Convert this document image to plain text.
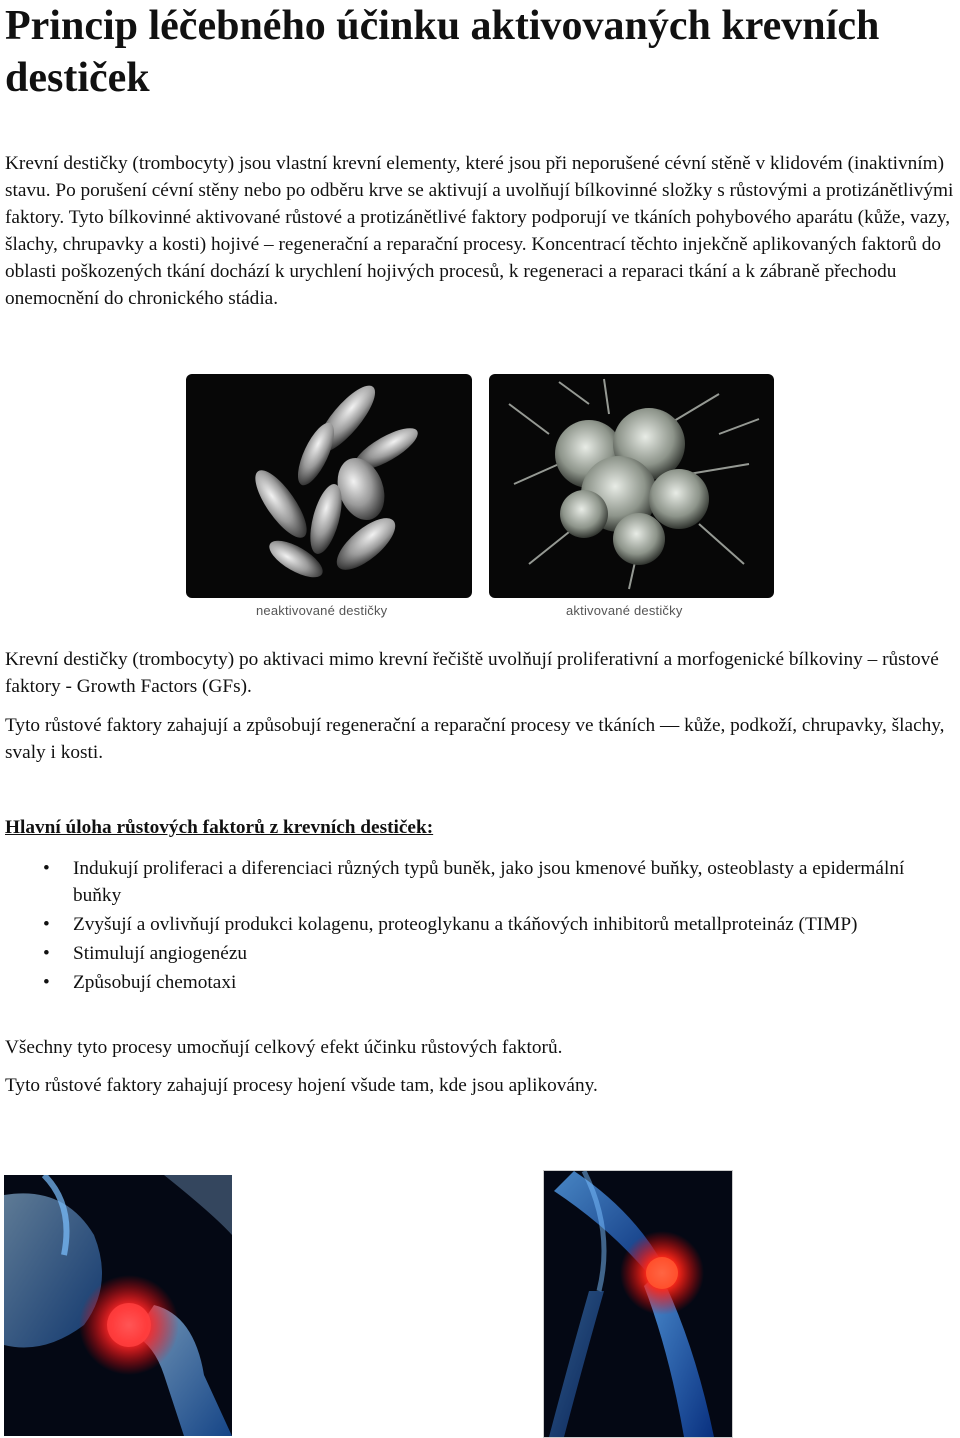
Princip léčebného účinku aktivovaných krevních destiček

Krevní destičky (trombocyty) jsou vlastní krevní elementy, které jsou při neporušené cévní stěně v klidovém (inaktivním) stavu. Po porušení cévní stěny nebo po odběru krve se aktivují a uvolňují bílkovinné složky s růstovými a protizánětlivými faktory. Tyto bílkovinné aktivované růstové a protizánětlivé faktory podporují ve tkáních pohybového aparátu (kůže, vazy, šlachy, chrupavky a kosti) hojivé – regenerační a reparační procesy. Koncentrací těchto injekčně aplikovaných faktorů do oblasti poškozených tkání dochází k urychlení hojivých procesů, k regeneraci a reparaci tkání a k zábraně přechodu onemocnění do chronického stádia.

neaktivované destičky	aktivované destičky

Krevní destičky (trombocyty) po aktivaci mimo krevní řečiště uvolňují proliferativní a morfogenické bílkoviny – růstové faktory - Growth Factors (GFs).

Tyto růstové faktory zahajují a způsobují regenerační a reparační procesy ve tkáních — kůže, podkoží, chrupavky, šlachy, svaly i kosti.

Hlavní úloha růstových faktorů z krevních destiček:

• Indukují proliferaci a diferenciaci různých typů buněk, jako jsou kmenové buňky, osteoblasty a epidermální buňky
• Zvyšují a ovlivňují produkci kolagenu, proteoglykanu a tkáňových inhibitorů metallproteináz (TIMP)
• Stimulují angiogenézu
• Způsobují chemotaxi

Všechny tyto procesy umocňují celkový efekt účinku růstových faktorů.

Tyto růstové faktory zahajují procesy hojení všude tam, kde jsou aplikovány.
